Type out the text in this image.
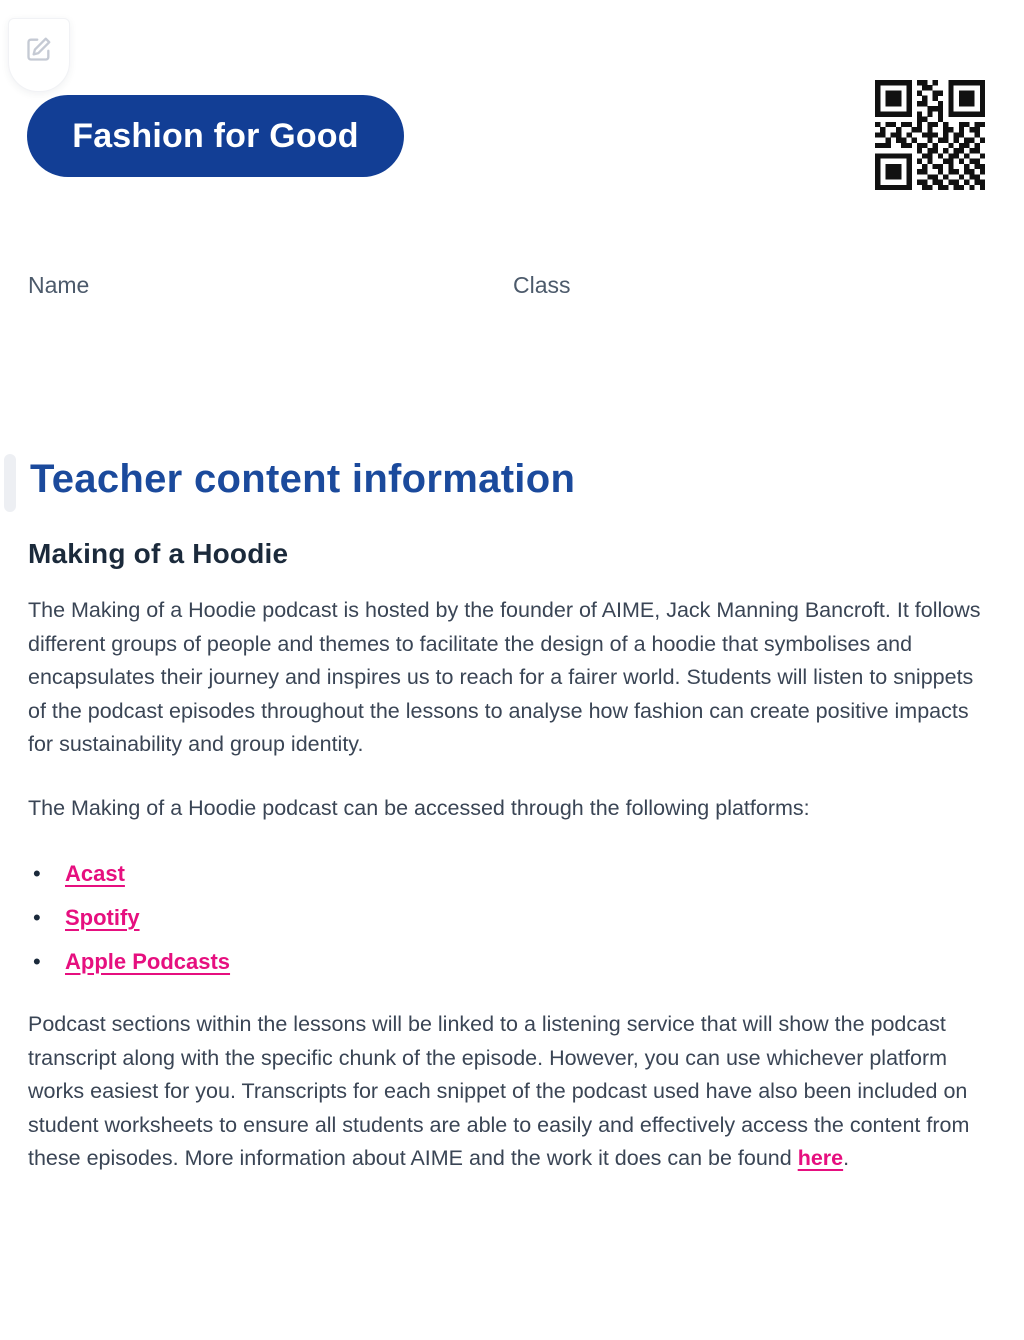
Fashion for Good
Name	Class
Teacher content information
Making of a Hoodie

The Making of a Hoodie podcast is hosted by the founder of AIME, Jack Manning Bancroft. It follows different groups of people and themes to facilitate the design of a hoodie that symbolises and encapsulates their journey and inspires us to reach for a fairer world. Students will listen to snippets of the podcast episodes throughout the lessons to analyse how fashion can create positive impacts for sustainability and group identity.

The Making of a Hoodie podcast can be accessed through the following platforms:

• Acast
• Spotify
• Apple Podcasts

Podcast sections within the lessons will be linked to a listening service that will show the podcast transcript along with the specific chunk of the episode. However, you can use whichever platform works easiest for you. Transcripts for each snippet of the podcast used have also been included on student worksheets to ensure all students are able to easily and effectively access the content from these episodes. More information about AIME and the work it does can be found here.
